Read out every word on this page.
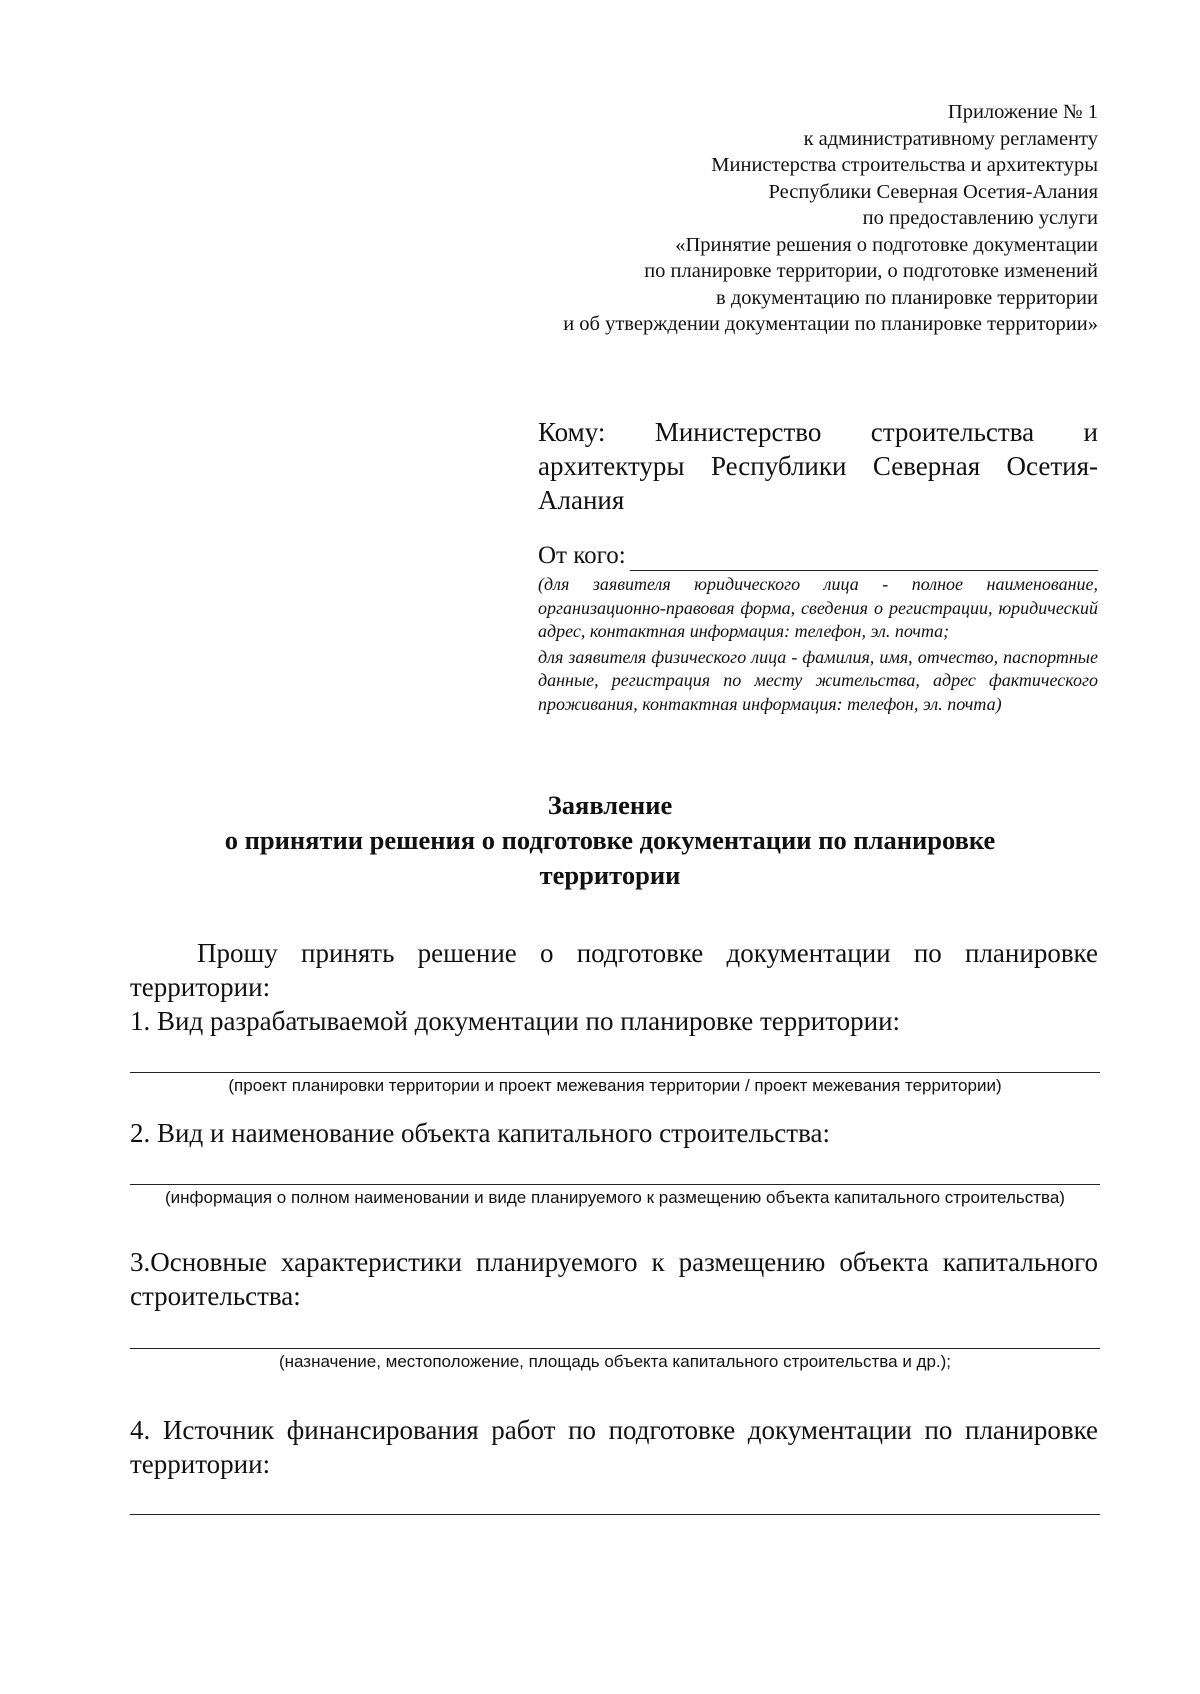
Приложение № 1
к административному регламенту
Министерства строительства и архитектуры
Республики Северная Осетия-Алания
по предоставлению услуги
«Принятие решения о подготовке документации
по планировке территории, о подготовке изменений
в документацию по планировке территории
и об утверждении документации по планировке территории»
Кому: Министерство строительства и архитектуры Республики Северная Осетия-Алания
От кого:
(для заявителя юридического лица - полное наименование, организационно-правовая форма, сведения о регистрации, юридический адрес, контактная информация: телефон, эл. почта;
для заявителя физического лица - фамилия, имя, отчество, паспортные данные, регистрация по месту жительства, адрес фактического проживания, контактная информация: телефон, эл. почта)
Заявление
о принятии решения о подготовке документации по планировке
территории
Прошу принять решение о подготовке документации по планировке территории:
1. Вид разрабатываемой документации по планировке территории:
(проект планировки территории и проект межевания территории / проект межевания территории)
2. Вид и наименование объекта капитального строительства:
(информация о полном наименовании и виде планируемого к размещению объекта капитального строительства)
3.Основные характеристики планируемого к размещению объекта капитального строительства:
(назначение, местоположение, площадь объекта капитального строительства и др.);
4. Источник финансирования работ по подготовке документации по планировке территории:
